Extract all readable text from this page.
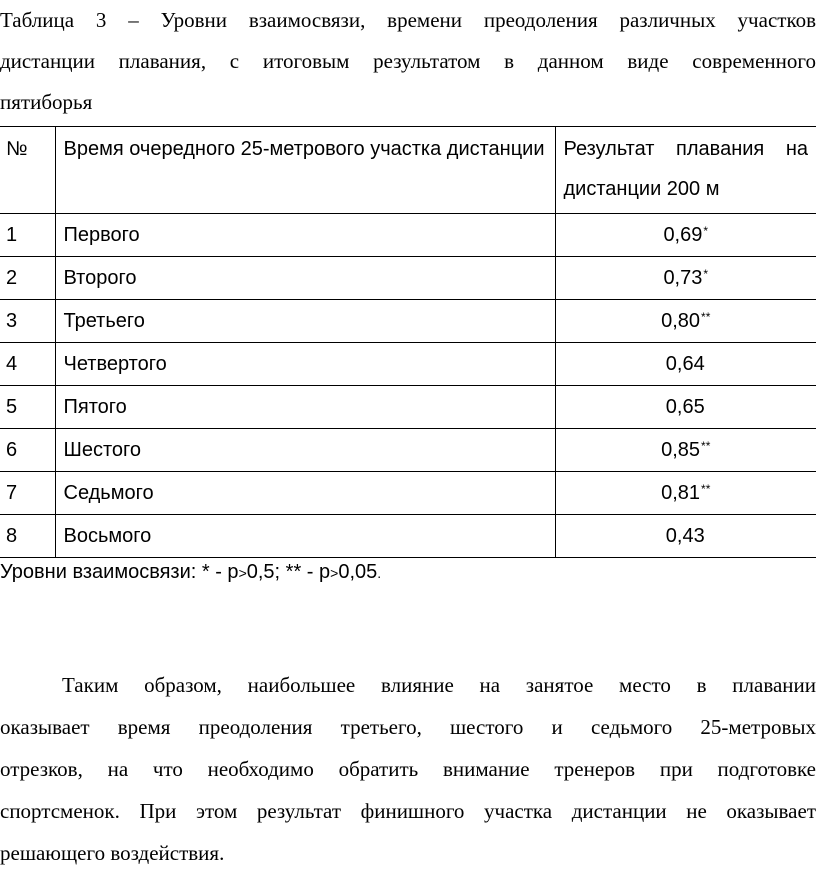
Таблица 3 – Уровни взаимосвязи, времени преодоления различных участков
дистанции плавания, с итоговым результатом в данном виде современного
пятиборья
№	Время очередного 25-метрового участка дистанции	Результат плавания на дистанции 200 м
1	Первого	0,69*
2	Второго	0,73*
3	Третьего	0,80**
4	Четвертого	0,64
5	Пятого	0,65
6	Шестого	0,85**
7	Седьмого	0,81**
8	Восьмого	0,43
Уровни взаимосвязи: * - р>0,5; ** - р>0,05.
Таким образом, наибольшее влияние на занятое место в плавании
оказывает время преодоления третьего, шестого и седьмого 25-метровых
отрезков, на что необходимо обратить внимание тренеров при подготовке
спортсменок. При этом результат финишного участка дистанции не оказывает
решающего воздействия.
